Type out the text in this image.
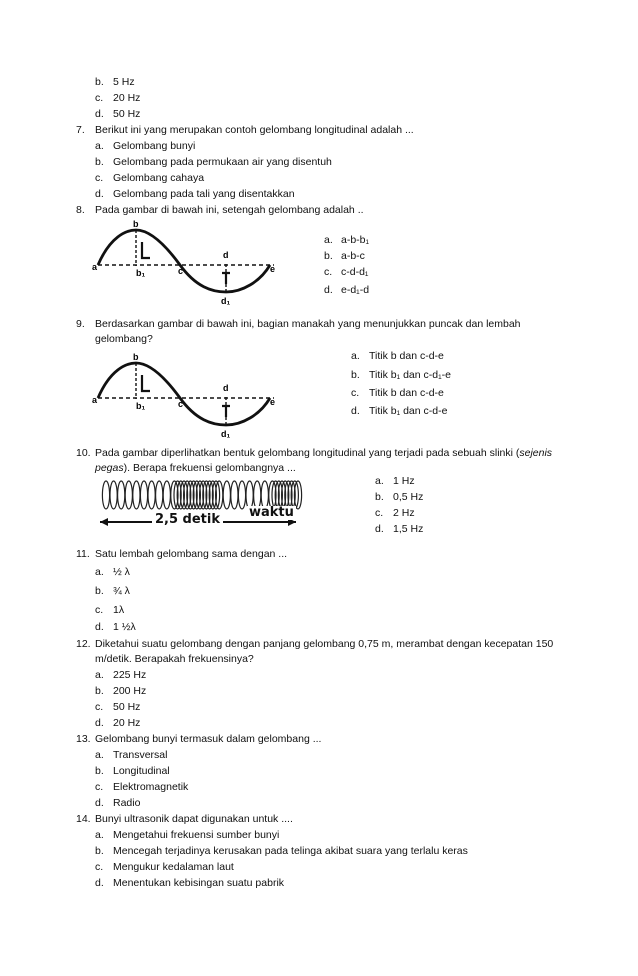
b. 5 Hz
c. 20 Hz
d. 50 Hz
7. Berikut ini yang merupakan contoh gelombang longitudinal adalah ...
a. Gelombang bunyi
b. Gelombang pada permukaan air yang disentuh
c. Gelombang cahaya
d. Gelombang pada tali yang disentakkan
8. Pada gambar di bawah ini, setengah gelombang adalah ..
b
a
b₁	c
d
e
d₁
a. a-b-b₁
b. a-b-c
c. c-d-d₁
d. e-d₁-d
9. Berdasarkan gambar di bawah ini, bagian manakah yang menunjukkan puncak dan lembah
gelombang?
b
a
b₁	c
d
e
d₁
a. Titik b dan c-d-e
b. Titik b₁ dan c-d₁-e
c. Titik b dan c-d-e
d. Titik b₁ dan c-d-e
10. Pada gambar diperlihatkan bentuk gelombang longitudinal yang terjadi pada sebuah slinki (sejenis
pegas). Berapa frekuensi gelombangnya ...
2,5 detik waktu
a. 1 Hz
b. 0,5 Hz
c. 2 Hz
d. 1,5 Hz
11. Satu lembah gelombang sama dengan ...
a. ½ λ
b. ¾ λ
c. 1λ
d. 1 ½λ
12. Diketahui suatu gelombang dengan panjang gelombang 0,75 m, merambat dengan kecepatan 150
m/detik. Berapakah frekuensinya?
a. 225 Hz
b. 200 Hz
c. 50 Hz
d. 20 Hz
13. Gelombang bunyi termasuk dalam gelombang ...
a. Transversal
b. Longitudinal
c. Elektromagnetik
d. Radio
14. Bunyi ultrasonik dapat digunakan untuk ....
a. Mengetahui frekuensi sumber bunyi
b. Mencegah terjadinya kerusakan pada telinga akibat suara yang terlalu keras
c. Mengukur kedalaman laut
d. Menentukan kebisingan suatu pabrik
